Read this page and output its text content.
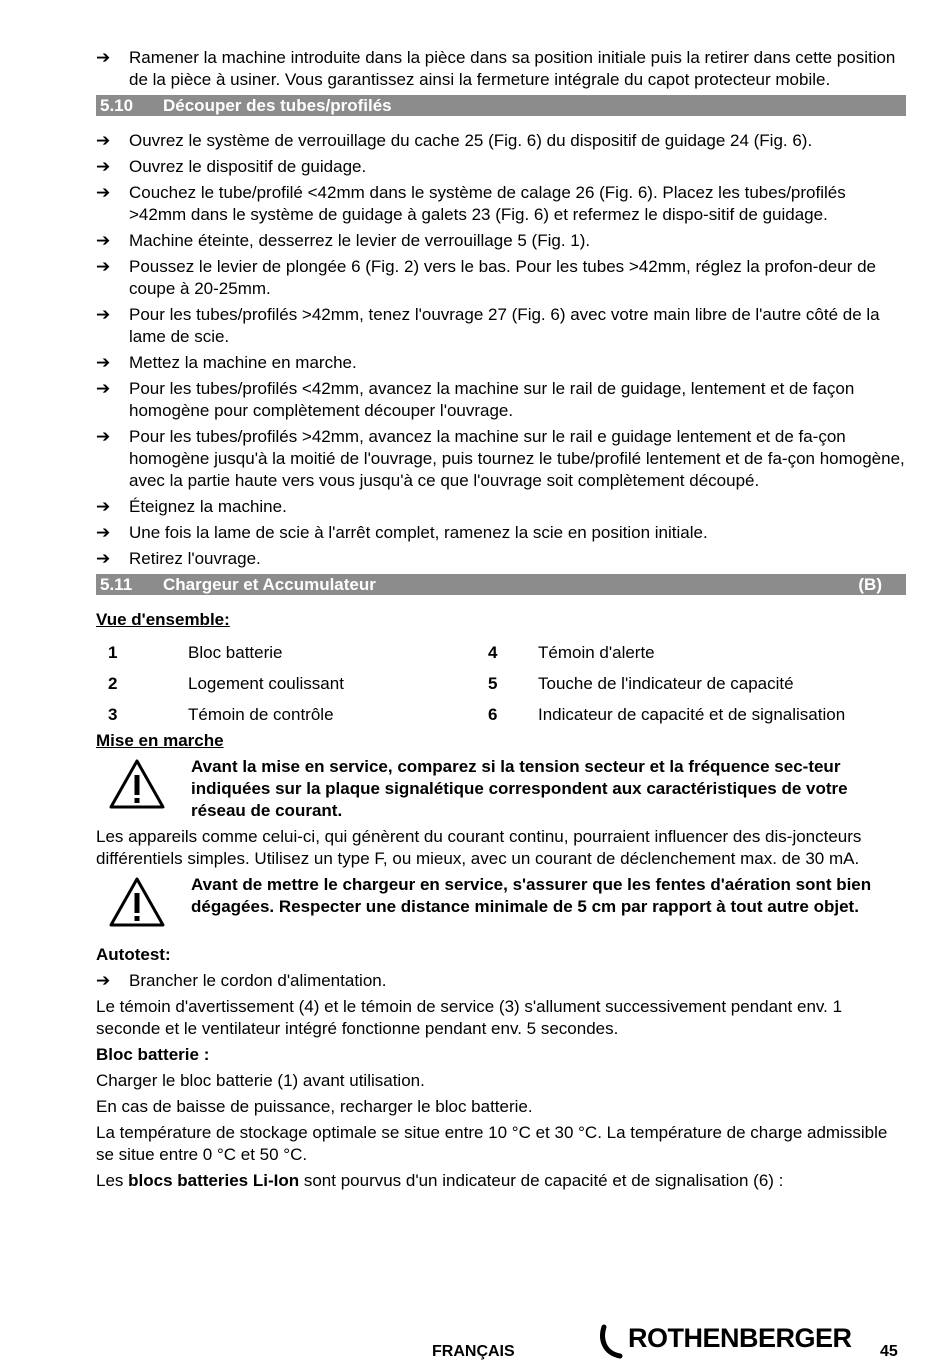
➔ Ramener la machine introduite dans la pièce dans sa position initiale puis la retirer dans cette position de la pièce à usiner. Vous garantissez ainsi la fermeture intégrale du capot protecteur mobile.
5.10 Découper des tubes/profilés
➔ Ouvrez le système de verrouillage du cache 25 (Fig. 6) du dispositif de guidage 24 (Fig. 6).
➔ Ouvrez le dispositif de guidage.
➔ Couchez le tube/profilé <42mm dans le système de calage 26 (Fig. 6). Placez les tubes/profilés >42mm dans le système de guidage à galets 23 (Fig. 6) et refermez le dispo-sitif de guidage.
➔ Machine éteinte, desserrez le levier de verrouillage 5 (Fig. 1).
➔ Poussez le levier de plongée 6 (Fig. 2) vers le bas. Pour les tubes >42mm, réglez la profon-deur de coupe à 20-25mm.
➔ Pour les tubes/profilés >42mm, tenez l'ouvrage 27 (Fig. 6) avec votre main libre de l'autre côté de la lame de scie.
➔ Mettez la machine en marche.
➔ Pour les tubes/profilés <42mm, avancez la machine sur le rail de guidage, lentement et de façon homogène pour complètement découper l'ouvrage.
➔ Pour les tubes/profilés >42mm, avancez la machine sur le rail e guidage lentement et de fa-çon homogène jusqu'à la moitié de l'ouvrage, puis tournez le tube/profilé lentement et de fa-çon homogène, avec la partie haute vers vous jusqu'à ce que l'ouvrage soit complètement découpé.
➔ Éteignez la machine.
➔ Une fois la lame de scie à l'arrêt complet, ramenez la scie en position initiale.
➔ Retirez l'ouvrage.
5.11 Chargeur et Accumulateur	(B)
Vue d'ensemble:
1	Bloc batterie	4	Témoin d'alerte
2	Logement coulissant	5	Touche de l'indicateur de capacité
3	Témoin de contrôle	6	Indicateur de capacité et de signalisation
Mise en marche
Avant la mise en service, comparez si la tension secteur et la fréquence sec-teur indiquées sur la plaque signalétique correspondent aux caractéristiques de votre réseau de courant.

Les appareils comme celui-ci, qui génèrent du courant continu, pourraient influencer des dis-joncteurs différentiels simples. Utilisez un type F, ou mieux, avec un courant de déclenchement max. de 30 mA.

Avant de mettre le chargeur en service, s'assurer que les fentes d'aération sont bien dégagées. Respecter une distance minimale de 5 cm par rapport à tout autre objet.
Autotest:
➔ Brancher le cordon d'alimentation.

Le témoin d'avertissement (4) et le témoin de service (3) s'allument successivement pendant env. 1 seconde et le ventilateur intégré fonctionne pendant env. 5 secondes.

Bloc batterie :

Charger le bloc batterie (1) avant utilisation.

En cas de baisse de puissance, recharger le bloc batterie.

La température de stockage optimale se situe entre 10 °C et 30 °C. La température de charge admissible se situe entre 0 °C et 50 °C.

Les blocs batteries Li-Ion sont pourvus d'un indicateur de capacité et de signalisation (6) :

FRANÇAIS	ROTHENBERGER 45
